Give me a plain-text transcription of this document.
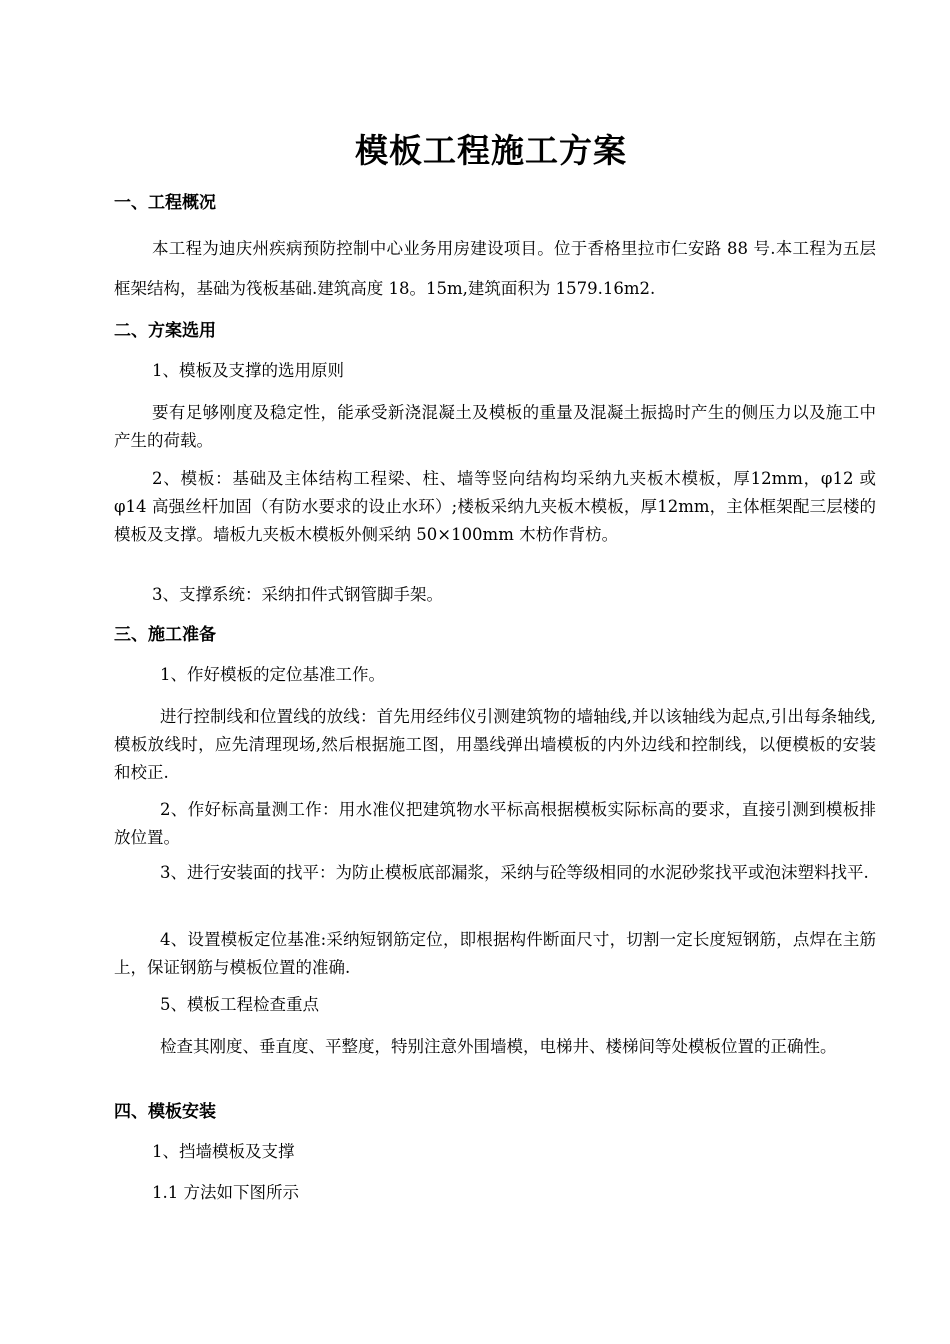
模板工程施工方案
一、工程概况
本工程为迪庆州疾病预防控制中心业务用房建设项目。位于香格里拉市仁安路 88 号.本工程为五层框架结构，基础为筏板基础.建筑高度 18。15m,建筑面积为 1579.16m2.
二、方案选用
1、模板及支撑的选用原则
要有足够刚度及稳定性，能承受新浇混凝土及模板的重量及混凝土振捣时产生的侧压力以及施工中产生的荷载。
2、模板：基础及主体结构工程梁、柱、墙等竖向结构均采纳九夹板木模板，厚12mm，φ12 或 φ14 高强丝杆加固（有防水要求的设止水环）;楼板采纳九夹板木模板，厚12mm，主体框架配三层楼的模板及支撑。墙板九夹板木模板外侧采纳 50×100mm 木枋作背枋。
3、支撑系统：采纳扣件式钢管脚手架。
三、施工准备
1、作好模板的定位基准工作。
进行控制线和位置线的放线：首先用经纬仪引测建筑物的墙轴线,并以该轴线为起点,引出每条轴线,模板放线时，应先清理现场,然后根据施工图，用墨线弹出墙模板的内外边线和控制线，以便模板的安装和校正.
2、作好标高量测工作：用水准仪把建筑物水平标高根据模板实际标高的要求，直接引测到模板排放位置。
3、进行安装面的找平：为防止模板底部漏浆，采纳与砼等级相同的水泥砂浆找平或泡沫塑料找平.
4、设置模板定位基准:采纳短钢筋定位，即根据构件断面尺寸，切割一定长度短钢筋，点焊在主筋上，保证钢筋与模板位置的准确.
5、模板工程检查重点
检查其刚度、垂直度、平整度，特别注意外围墙模，电梯井、楼梯间等处模板位置的正确性。
四、模板安装
1、挡墙模板及支撑
1.1 方法如下图所示
